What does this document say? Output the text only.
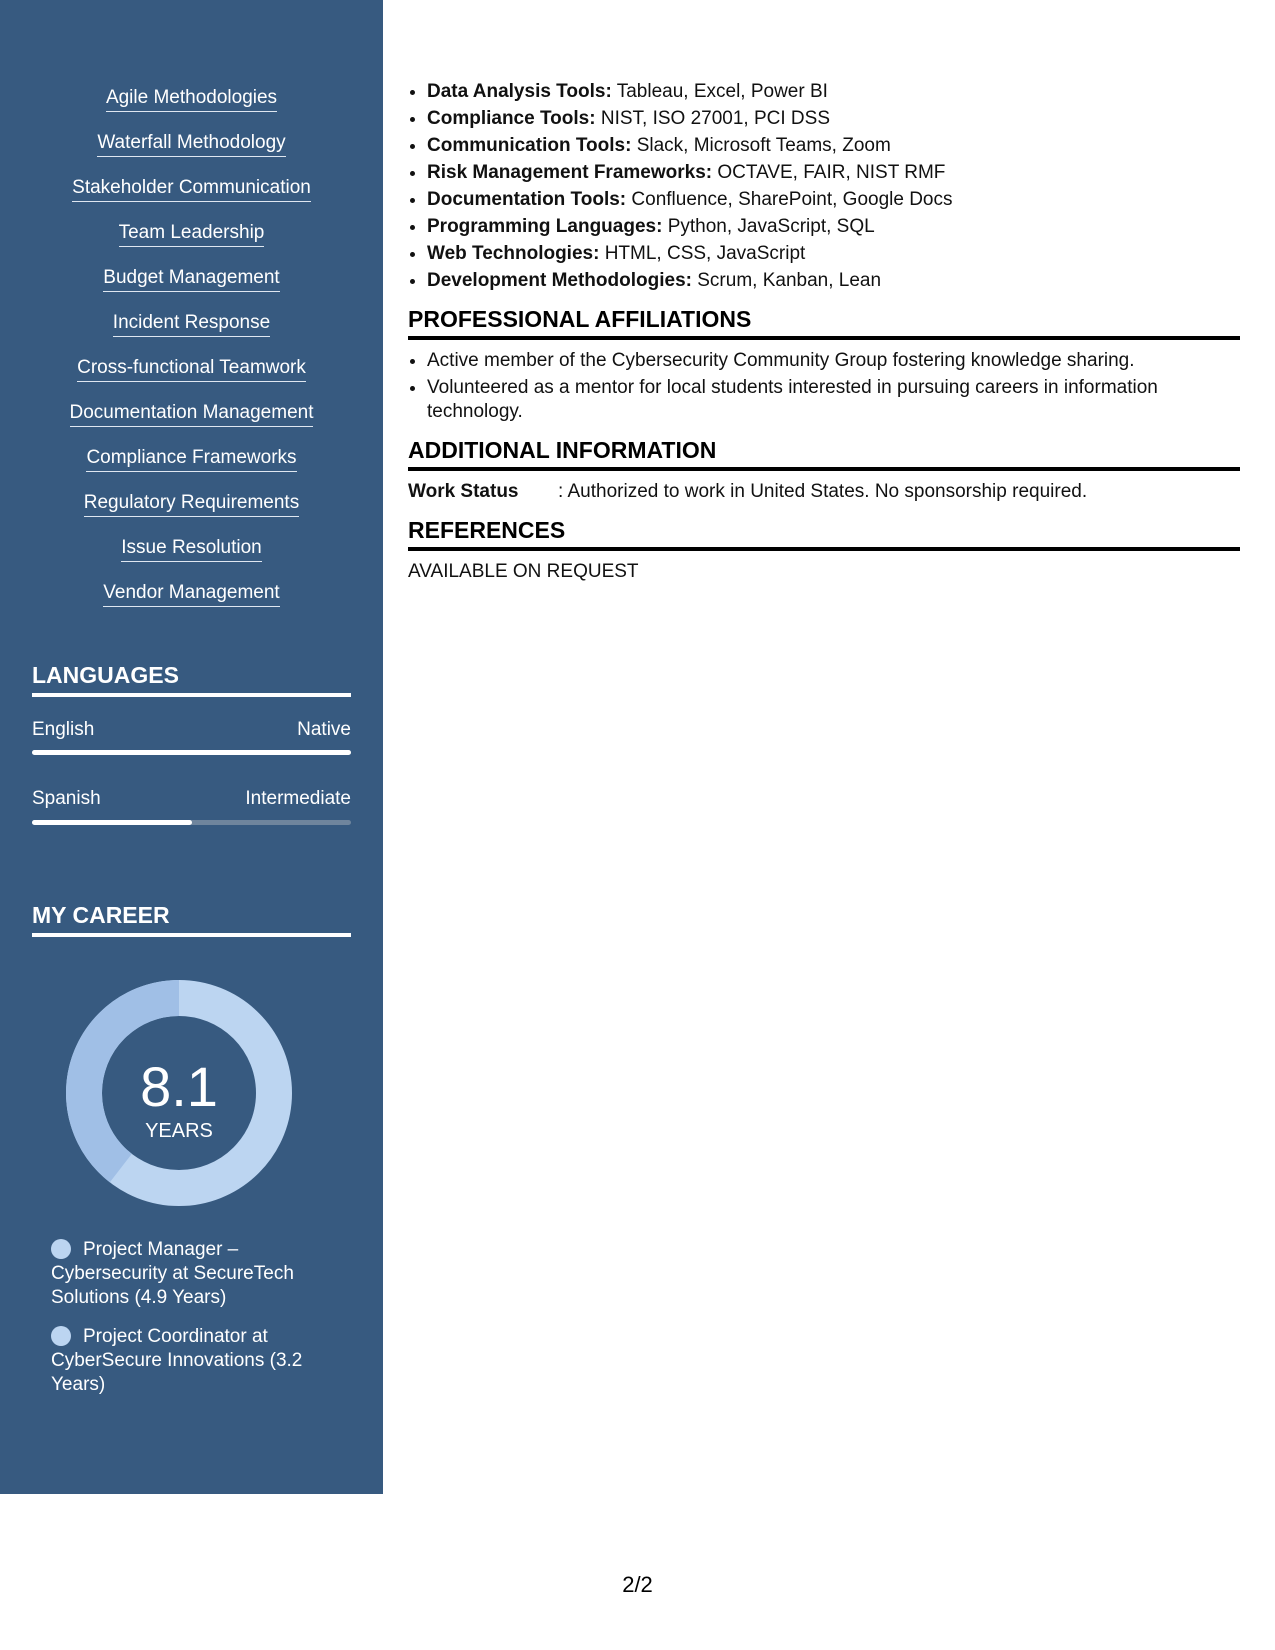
Agile Methodologies
Waterfall Methodology
Stakeholder Communication
Team Leadership
Budget Management
Incident Response
Cross-functional Teamwork
Documentation Management
Compliance Frameworks
Regulatory Requirements
Issue Resolution
Vendor Management
LANGUAGES
English	Native
Spanish	Intermediate
MY CAREER
8.1
YEARS
Project Manager – Cybersecurity at SecureTech Solutions (4.9 Years)
Project Coordinator at CyberSecure Innovations (3.2 Years)
• Data Analysis Tools: Tableau, Excel, Power BI
• Compliance Tools: NIST, ISO 27001, PCI DSS
• Communication Tools: Slack, Microsoft Teams, Zoom
• Risk Management Frameworks: OCTAVE, FAIR, NIST RMF
• Documentation Tools: Confluence, SharePoint, Google Docs
• Programming Languages: Python, JavaScript, SQL
• Web Technologies: HTML, CSS, JavaScript
• Development Methodologies: Scrum, Kanban, Lean
PROFESSIONAL AFFILIATIONS
• Active member of the Cybersecurity Community Group fostering knowledge sharing.
• Volunteered as a mentor for local students interested in pursuing careers in information technology.
ADDITIONAL INFORMATION
Work Status	: Authorized to work in United States. No sponsorship required.
REFERENCES
AVAILABLE ON REQUEST
2/2
